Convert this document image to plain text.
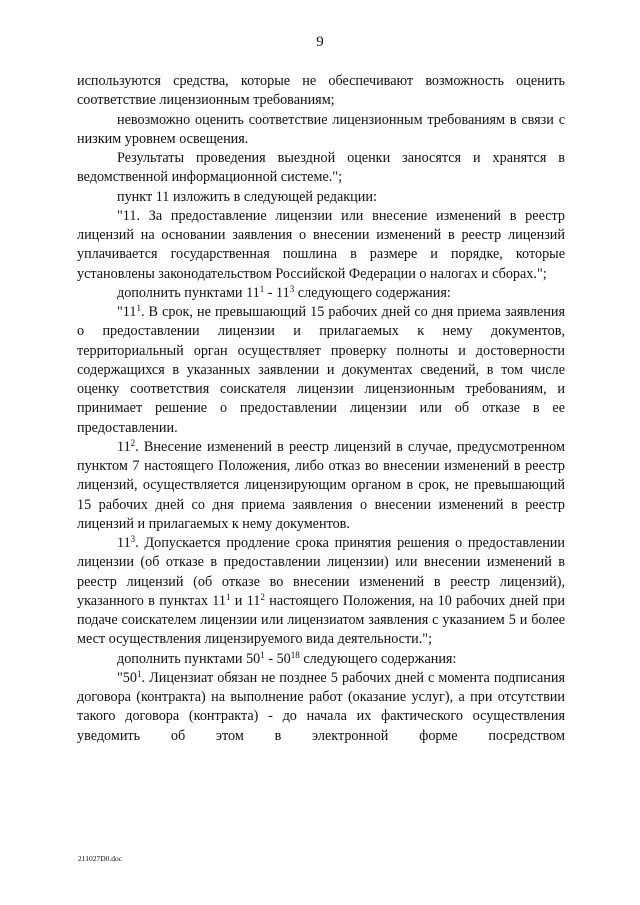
9

используются средства, которые не обеспечивают возможность оценить соответствие лицензионным требованиям;

невозможно оценить соответствие лицензионным требованиям в связи с низким уровнем освещения.

Результаты проведения выездной оценки заносятся и хранятся в ведомственной информационной системе.";

пункт 11 изложить в следующей редакции:

"11. За предоставление лицензии или внесение изменений в реестр лицензий на основании заявления о внесении изменений в реестр лицензий уплачивается государственная пошлина в размере и порядке, которые установлены законодательством Российской Федерации о налогах и сборах.";

дополнить пунктами $11^1 - 11^3$ следующего содержания:

"$11^1$. В срок, не превышающий 15 рабочих дней со дня приема заявления о предоставлении лицензии и прилагаемых к нему документов, территориальный орган осуществляет проверку полноты и достоверности содержащихся в указанных заявлении и документах сведений, в том числе оценку соответствия соискателя лицензии лицензионным требованиям, и принимает решение о предоставлении лицензии или об отказе в ее предоставлении.

$11^2$. Внесение изменений в реестр лицензий в случае, предусмотренном пунктом 7 настоящего Положения, либо отказ во внесении изменений в реестр лицензий, осуществляется лицензирующим органом в срок, не превышающий 15 рабочих дней со дня приема заявления о внесении изменений в реестр лицензий и прилагаемых к нему документов.

$11^3$. Допускается продление срока принятия решения о предоставлении лицензии (об отказе в предоставлении лицензии) или внесении изменений в реестр лицензий (об отказе во внесении изменений в реестр лицензий), указанного в пунктах $11^1$ и $11^2$ настоящего Положения, на 10 рабочих дней при подаче соискателем лицензии или лицензиатом заявления с указанием 5 и более мест осуществления лицензируемого вида деятельности.";

дополнить пунктами $50^1 - 50^{18}$ следующего содержания:

"$50^1$. Лицензиат обязан не позднее 5 рабочих дней с момента подписания договора (контракта) на выполнение работ (оказание услуг), а при отсутствии такого договора (контракта) - до начала их фактического осуществления уведомить об этом в электронной форме посредством

211027D0.doc
